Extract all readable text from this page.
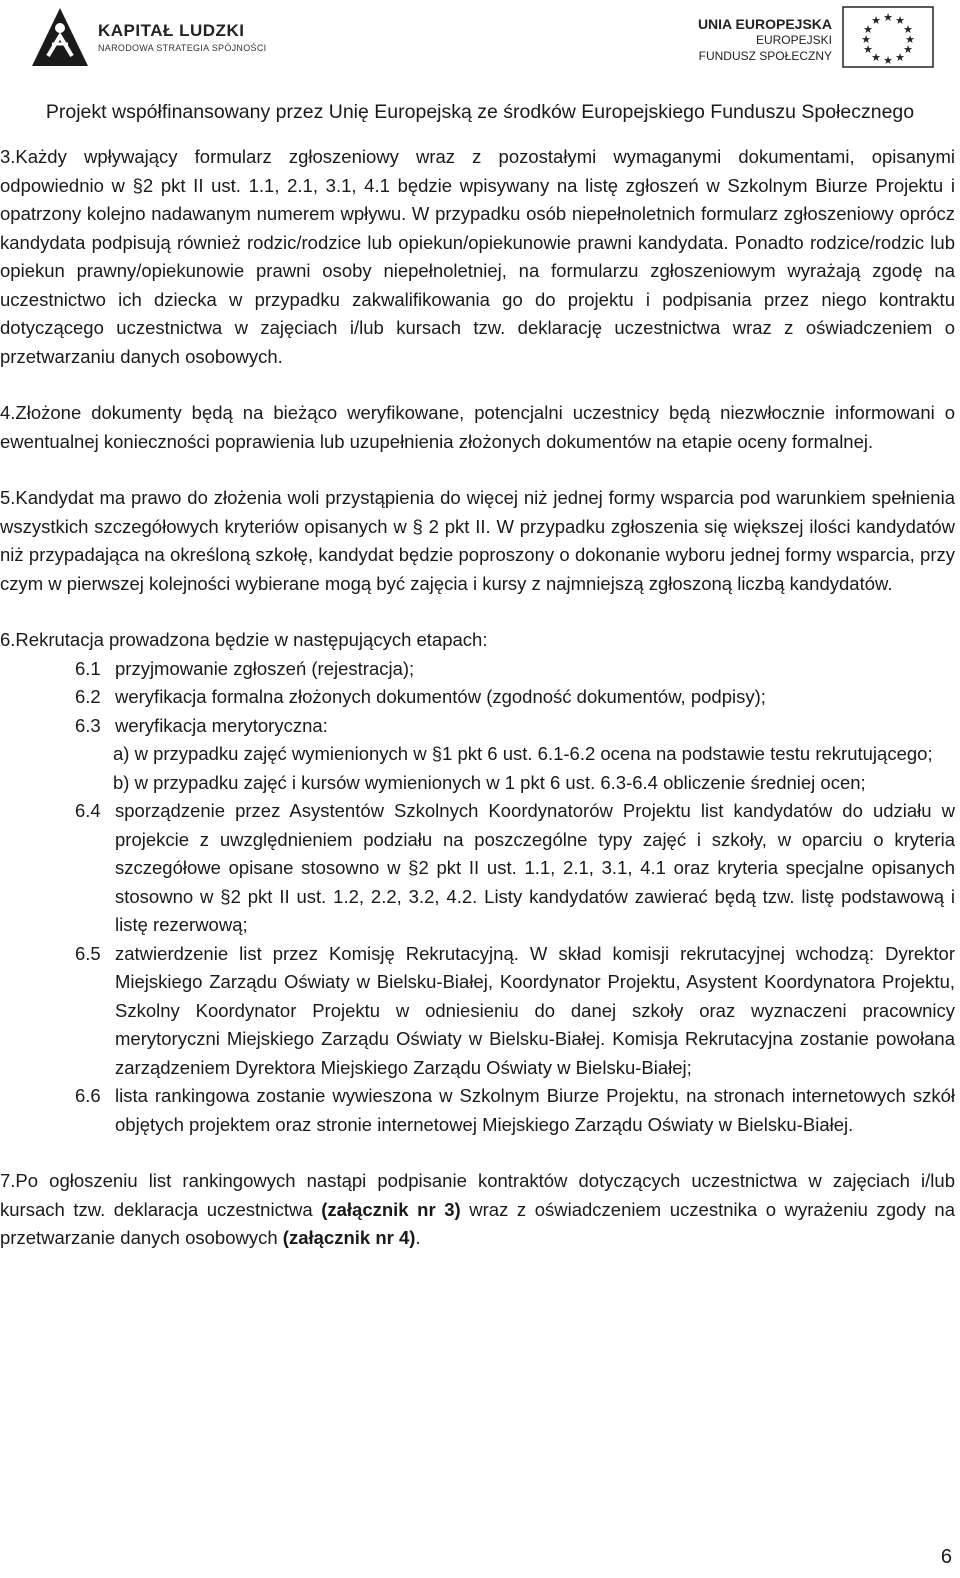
KAPITAŁ LUDZKI
NARODOWA STRATEGIA SPÓJNOŚCI
UNIA EUROPEJSKA
EUROPEJSKI
FUNDUSZ SPOŁECZNY
★ ★
★
★
★
★
★
★
★
★
★
★
Projekt współfinansowany przez Unię Europejską ze środków Europejskiego Funduszu Społecznego

3.Każdy wpływający formularz zgłoszeniowy wraz z pozostałymi wymaganymi dokumentami, opisanymi odpowiednio w §2 pkt II ust. 1.1, 2.1, 3.1, 4.1 będzie wpisywany na listę zgłoszeń w Szkolnym Biurze Projektu i opatrzony kolejno nadawanym numerem wpływu. W przypadku osób niepełnoletnich formularz zgłoszeniowy oprócz kandydata podpisują również rodzic/rodzice lub opiekun/opiekunowie prawni kandydata. Ponadto rodzice/rodzic lub opiekun prawny/opiekunowie prawni osoby niepełnoletniej, na formularzu zgłoszeniowym wyrażają zgodę na uczestnictwo ich dziecka w przypadku zakwalifikowania go do projektu i podpisania przez niego kontraktu dotyczącego uczestnictwa w zajęciach i/lub kursach tzw. deklarację uczestnictwa wraz z oświadczeniem o przetwarzaniu danych osobowych.

4.Złożone dokumenty będą na bieżąco weryfikowane, potencjalni uczestnicy będą niezwłocznie informowani o ewentualnej konieczności poprawienia lub uzupełnienia złożonych dokumentów na etapie oceny formalnej.

5.Kandydat ma prawo do złożenia woli przystąpienia do więcej niż jednej formy wsparcia pod warunkiem spełnienia wszystkich szczegółowych kryteriów opisanych w § 2 pkt II. W przypadku zgłoszenia się większej ilości kandydatów niż przypadająca na określoną szkołę, kandydat będzie poproszony o dokonanie wyboru jednej formy wsparcia, przy czym w pierwszej kolejności wybierane mogą być zajęcia i kursy z najmniejszą zgłoszoną liczbą kandydatów.

6.Rekrutacja prowadzona będzie w następujących etapach:

6.1 przyjmowanie zgłoszeń (rejestracja);
6.2 weryfikacja formalna złożonych dokumentów (zgodność dokumentów, podpisy);
6.3 weryfikacja merytoryczna:
a) w przypadku zajęć wymienionych w §1 pkt 6 ust. 6.1-6.2 ocena na podstawie testu rekrutującego;
b) w przypadku zajęć i kursów wymienionych w 1 pkt 6 ust. 6.3-6.4 obliczenie średniej ocen;
6.4 sporządzenie przez Asystentów Szkolnych Koordynatorów Projektu list kandydatów do udziału w projekcie z uwzględnieniem podziału na poszczególne typy zajęć i szkoły, w oparciu o kryteria szczegółowe opisane stosowno w §2 pkt II ust. 1.1, 2.1, 3.1, 4.1 oraz kryteria specjalne opisanych stosowno w §2 pkt II ust. 1.2, 2.2, 3.2, 4.2. Listy kandydatów zawierać będą tzw. listę podstawową i listę rezerwową;
6.5 zatwierdzenie list przez Komisję Rekrutacyjną. W skład komisji rekrutacyjnej wchodzą: Dyrektor Miejskiego Zarządu Oświaty w Bielsku-Białej, Koordynator Projektu, Asystent Koordynatora Projektu, Szkolny Koordynator Projektu w odniesieniu do danej szkoły oraz wyznaczeni pracownicy merytoryczni Miejskiego Zarządu Oświaty w Bielsku-Białej. Komisja Rekrutacyjna zostanie powołana zarządzeniem Dyrektora Miejskiego Zarządu Oświaty w Bielsku-Białej;
6.6 lista rankingowa zostanie wywieszona w Szkolnym Biurze Projektu, na stronach internetowych szkół objętych projektem oraz stronie internetowej Miejskiego Zarządu Oświaty w Bielsku-Białej.

7.Po ogłoszeniu list rankingowych nastąpi podpisanie kontraktów dotyczących uczestnictwa w zajęciach i/lub kursach tzw. deklaracja uczestnictwa (załącznik nr 3) wraz z oświadczeniem uczestnika o wyrażeniu zgody na przetwarzanie danych osobowych (załącznik nr 4).

6
